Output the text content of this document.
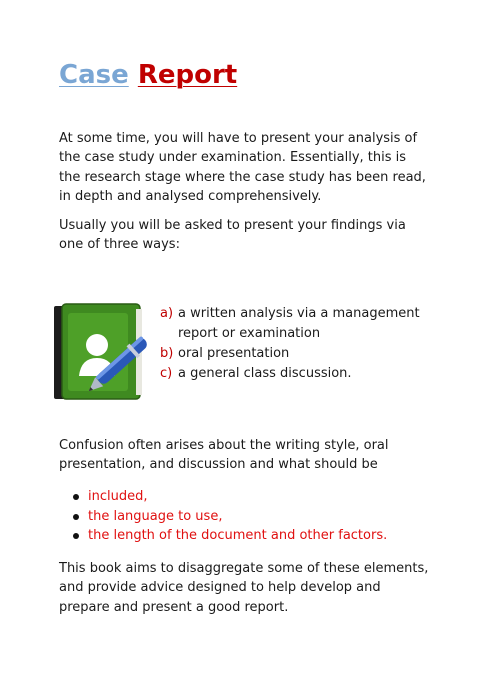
Case Report

At some time, you will have to present your analysis of the case study under examination. Essentially, this is the research stage where the case study has been read, in depth and analysed comprehensively.

Usually you will be asked to present your findings via one of three ways:

a) a written analysis via a management report or examination
b) oral presentation
c) a general class discussion.

Confusion often arises about the writing style, oral presentation, and discussion and what should be

included,
the language to use,
the length of the document and other factors.

This book aims to disaggregate some of these elements, and provide advice designed to help develop and prepare and present a good report.
